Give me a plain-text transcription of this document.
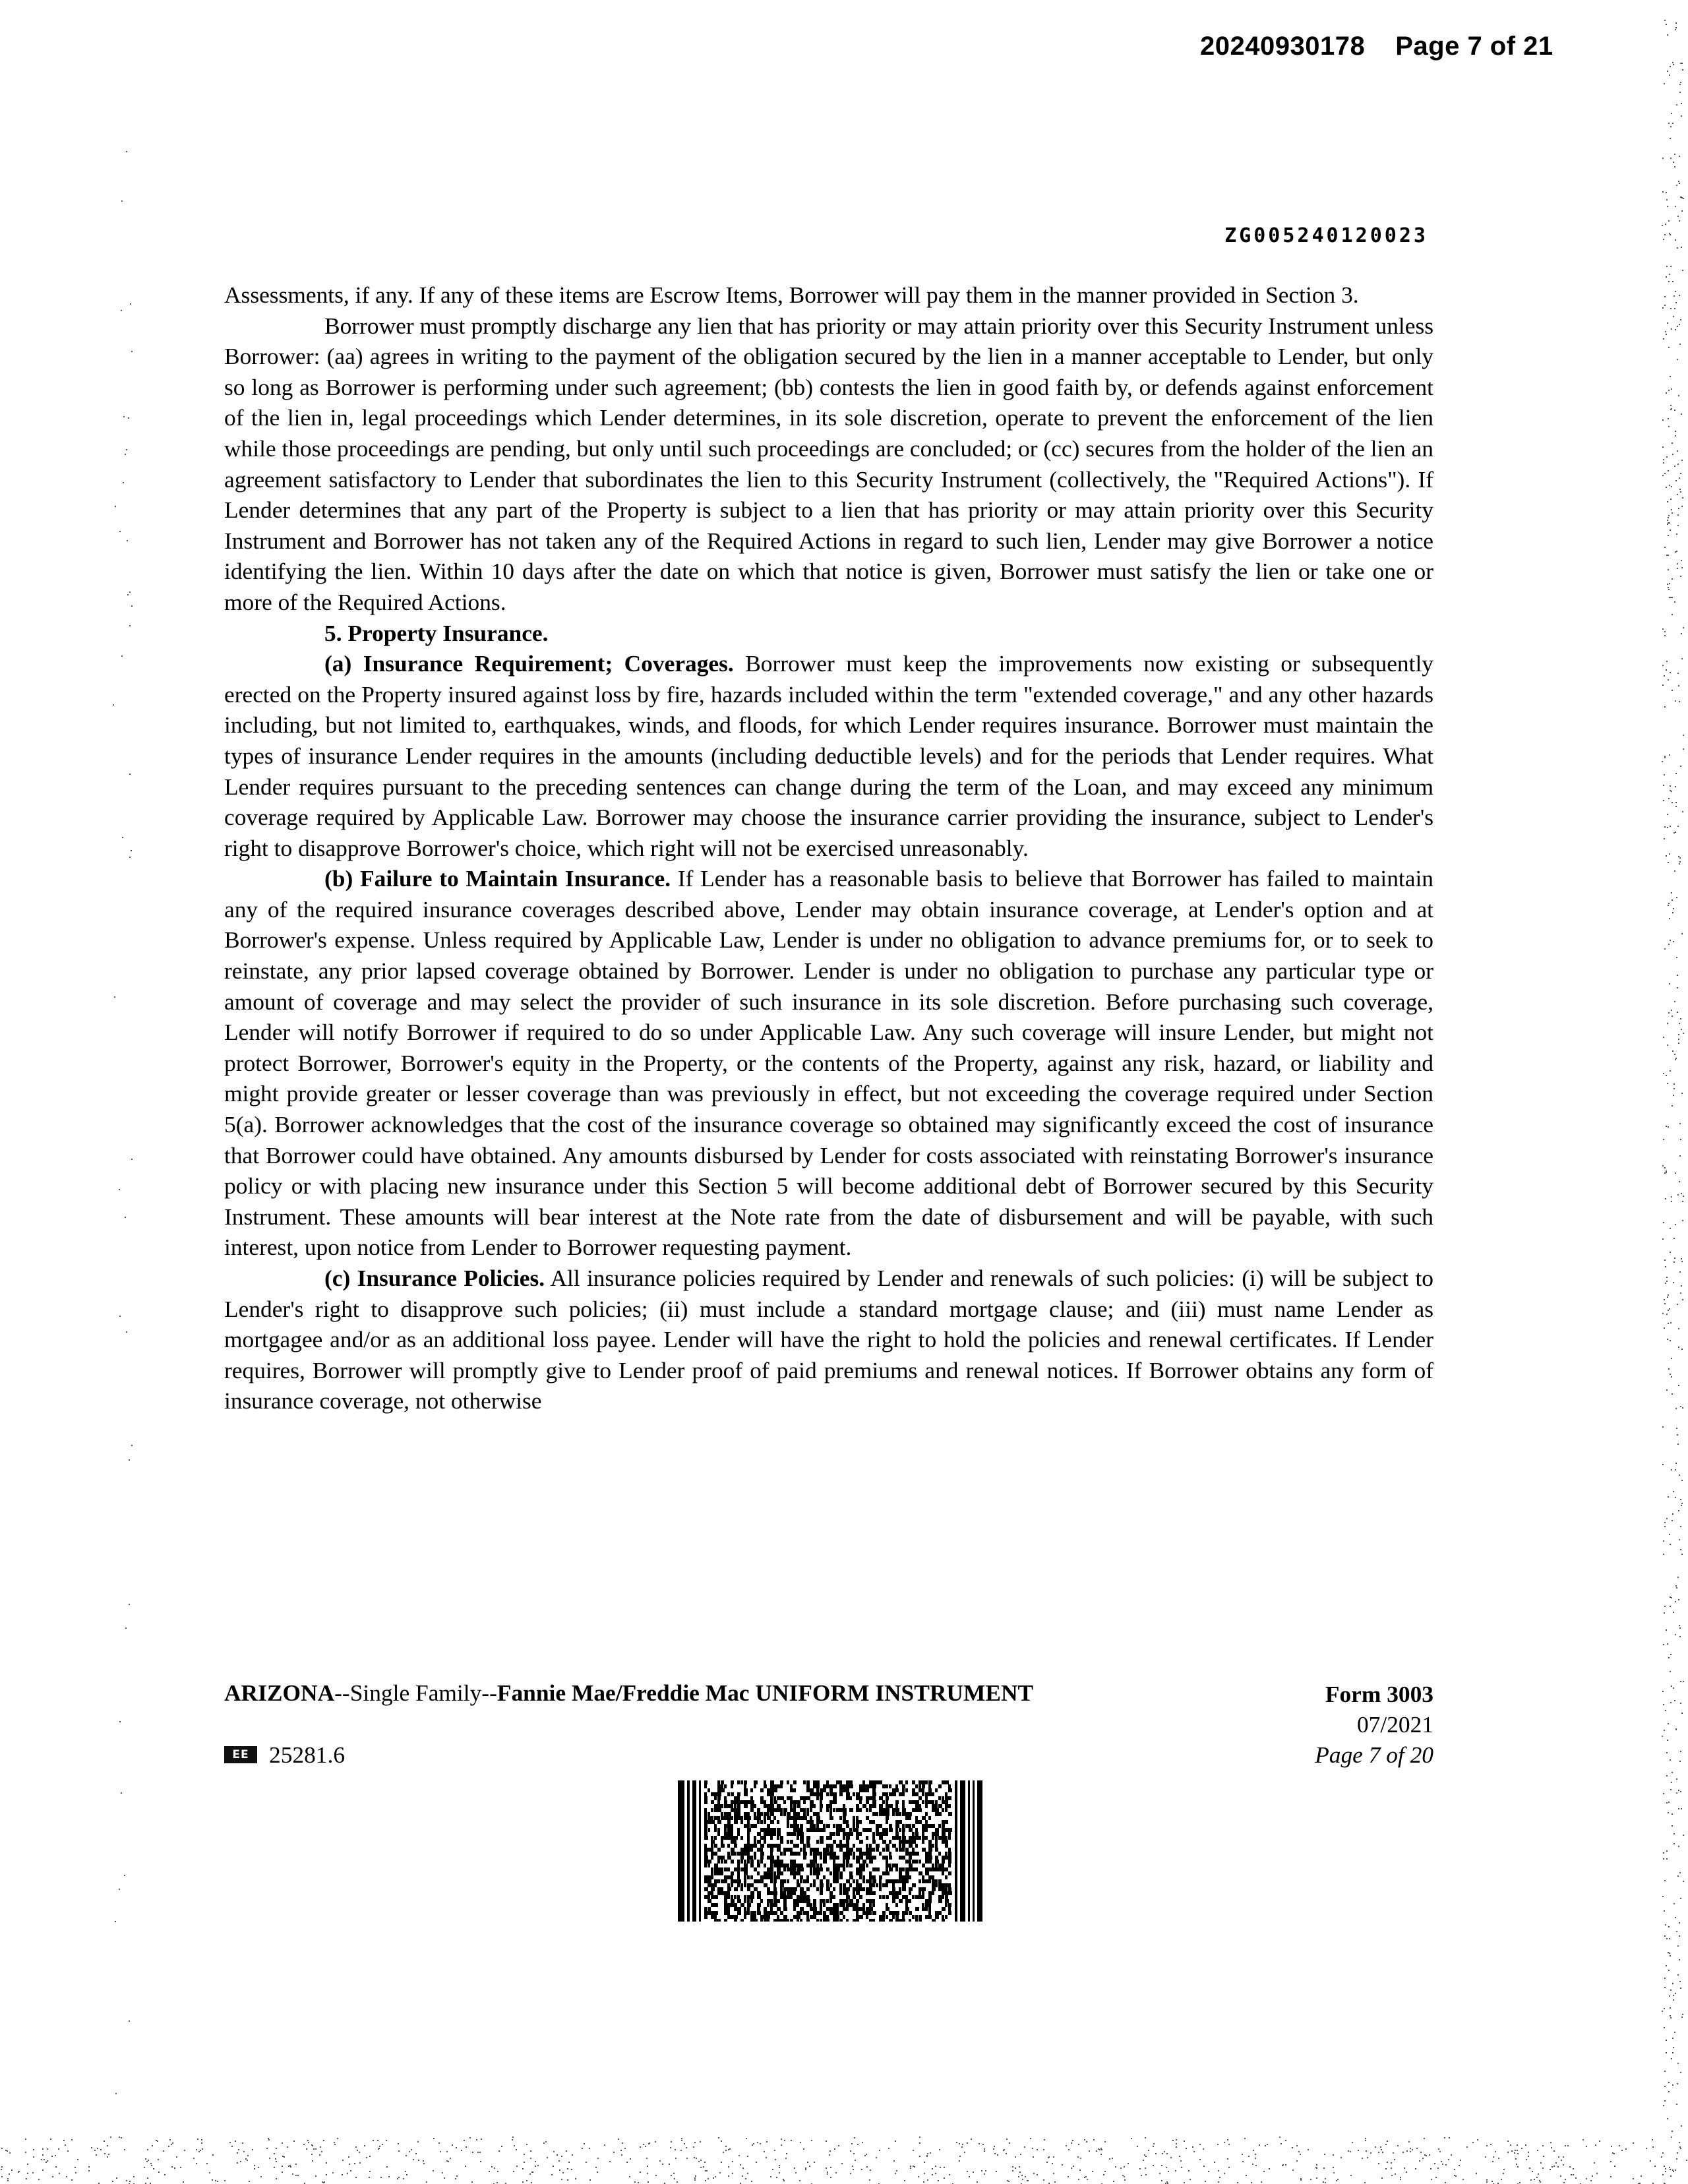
20240930178 Page 7 of 21
ZG005240120023

Assessments, if any. If any of these items are Escrow Items, Borrower will pay them in the manner provided in Section 3.

Borrower must promptly discharge any lien that has priority or may attain priority over this Security Instrument unless Borrower: (aa) agrees in writing to the payment of the obligation secured by the lien in a manner acceptable to Lender, but only so long as Borrower is performing under such agreement; (bb) contests the lien in good faith by, or defends against enforcement of the lien in, legal proceedings which Lender determines, in its sole discretion, operate to prevent the enforcement of the lien while those proceedings are pending, but only until such proceedings are concluded; or (cc) secures from the holder of the lien an agreement satisfactory to Lender that subordinates the lien to this Security Instrument (collectively, the "Required Actions"). If Lender determines that any part of the Property is subject to a lien that has priority or may attain priority over this Security Instrument and Borrower has not taken any of the Required Actions in regard to such lien, Lender may give Borrower a notice identifying the lien. Within 10 days after the date on which that notice is given, Borrower must satisfy the lien or take one or more of the Required Actions.

5. Property Insurance.

(a) Insurance Requirement; Coverages. Borrower must keep the improvements now existing or subsequently erected on the Property insured against loss by fire, hazards included within the term "extended coverage," and any other hazards including, but not limited to, earthquakes, winds, and floods, for which Lender requires insurance. Borrower must maintain the types of insurance Lender requires in the amounts (including deductible levels) and for the periods that Lender requires. What Lender requires pursuant to the preceding sentences can change during the term of the Loan, and may exceed any minimum coverage required by Applicable Law. Borrower may choose the insurance carrier providing the insurance, subject to Lender's right to disapprove Borrower's choice, which right will not be exercised unreasonably.

(b) Failure to Maintain Insurance. If Lender has a reasonable basis to believe that Borrower has failed to maintain any of the required insurance coverages described above, Lender may obtain insurance coverage, at Lender's option and at Borrower's expense. Unless required by Applicable Law, Lender is under no obligation to advance premiums for, or to seek to reinstate, any prior lapsed coverage obtained by Borrower. Lender is under no obligation to purchase any particular type or amount of coverage and may select the provider of such insurance in its sole discretion. Before purchasing such coverage, Lender will notify Borrower if required to do so under Applicable Law. Any such coverage will insure Lender, but might not protect Borrower, Borrower's equity in the Property, or the contents of the Property, against any risk, hazard, or liability and might provide greater or lesser coverage than was previously in effect, but not exceeding the coverage required under Section 5(a). Borrower acknowledges that the cost of the insurance coverage so obtained may significantly exceed the cost of insurance that Borrower could have obtained. Any amounts disbursed by Lender for costs associated with reinstating Borrower's insurance policy or with placing new insurance under this Section 5 will become additional debt of Borrower secured by this Security Instrument. These amounts will bear interest at the Note rate from the date of disbursement and will be payable, with such interest, upon notice from Lender to Borrower requesting payment.

(c) Insurance Policies. All insurance policies required by Lender and renewals of such policies: (i) will be subject to Lender's right to disapprove such policies; (ii) must include a standard mortgage clause; and (iii) must name Lender as mortgagee and/or as an additional loss payee. Lender will have the right to hold the policies and renewal certificates. If Lender requires, Borrower will promptly give to Lender proof of paid premiums and renewal notices. If Borrower obtains any form of insurance coverage, not otherwise

ARIZONA--Single Family--Fannie Mae/Freddie Mac UNIFORM INSTRUMENT	Form 3003
07/2021
Page 7 of 20
EE 25281.6
